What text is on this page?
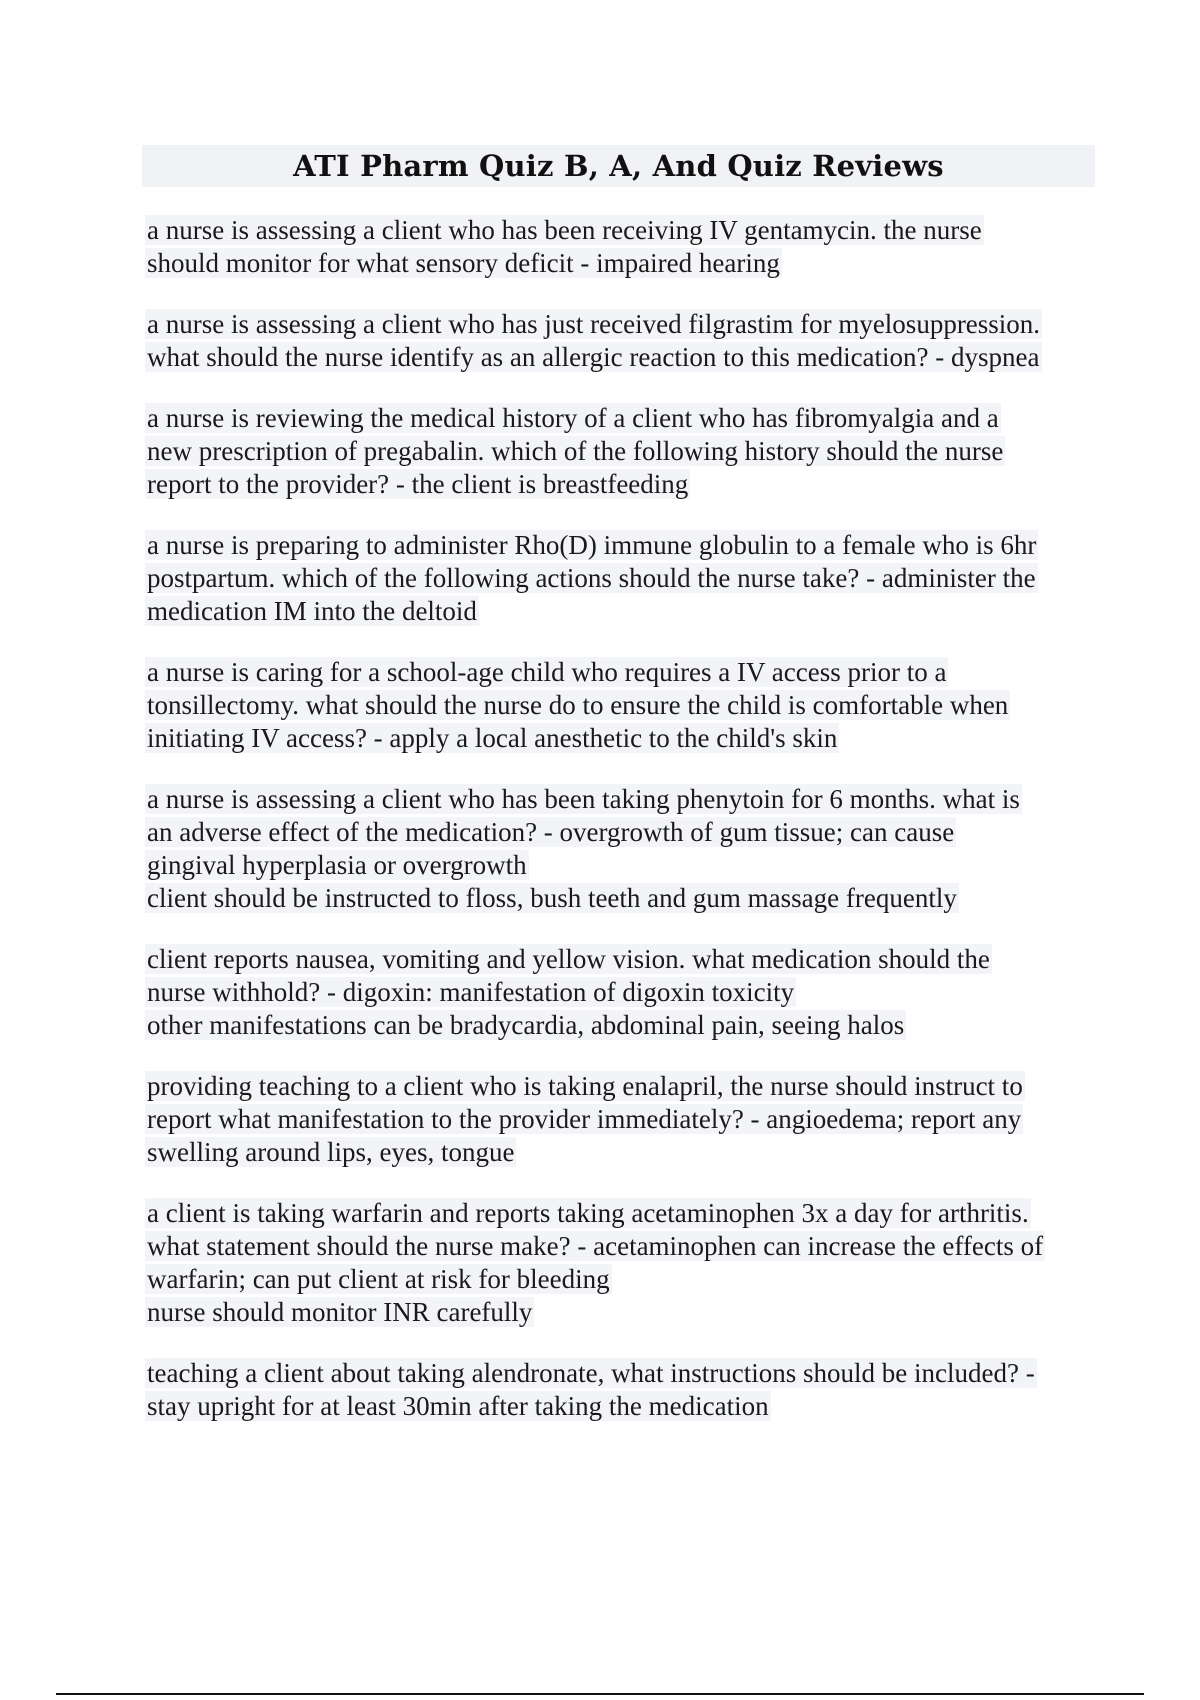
ATI Pharm Quiz B, A, And Quiz Reviews
a nurse is assessing a client who has been receiving IV gentamycin. the nurse
should monitor for what sensory deficit - impaired hearing
a nurse is assessing a client who has just received filgrastim for myelosuppression.
what should the nurse identify as an allergic reaction to this medication? - dyspnea
a nurse is reviewing the medical history of a client who has fibromyalgia and a
new prescription of pregabalin. which of the following history should the nurse
report to the provider? - the client is breastfeeding
a nurse is preparing to administer Rho(D) immune globulin to a female who is 6hr
postpartum. which of the following actions should the nurse take? - administer the
medication IM into the deltoid
a nurse is caring for a school-age child who requires a IV access prior to a
tonsillectomy. what should the nurse do to ensure the child is comfortable when
initiating IV access? - apply a local anesthetic to the child's skin
a nurse is assessing a client who has been taking phenytoin for 6 months. what is
an adverse effect of the medication? - overgrowth of gum tissue; can cause
gingival hyperplasia or overgrowth
client should be instructed to floss, bush teeth and gum massage frequently
client reports nausea, vomiting and yellow vision. what medication should the
nurse withhold? - digoxin: manifestation of digoxin toxicity
other manifestations can be bradycardia, abdominal pain, seeing halos
providing teaching to a client who is taking enalapril, the nurse should instruct to
report what manifestation to the provider immediately? - angioedema; report any
swelling around lips, eyes, tongue
a client is taking warfarin and reports taking acetaminophen 3x a day for arthritis.
what statement should the nurse make? - acetaminophen can increase the effects of
warfarin; can put client at risk for bleeding
nurse should monitor INR carefully
teaching a client about taking alendronate, what instructions should be included? -
stay upright for at least 30min after taking the medication
